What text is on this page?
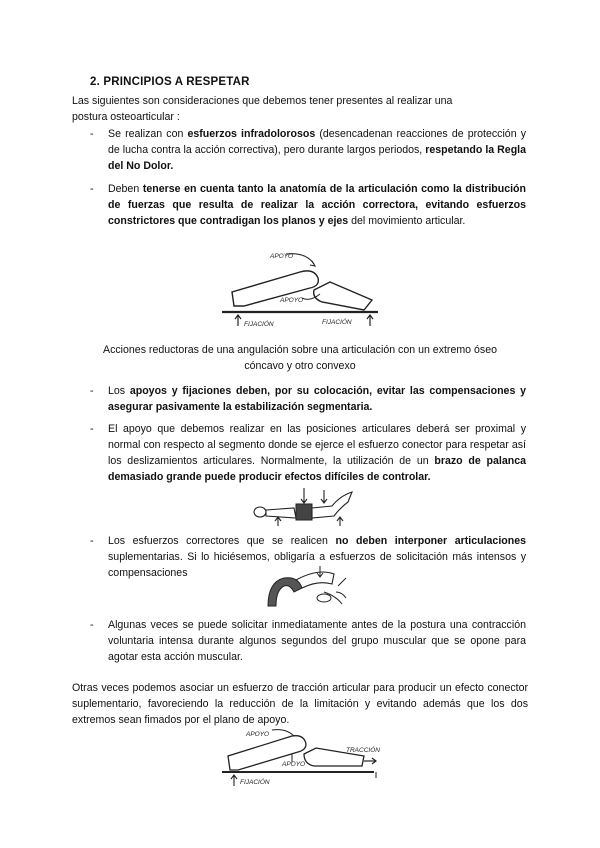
2. PRINCIPIOS A RESPETAR
Las siguientes son consideraciones que debemos tener presentes al realizar una
postura osteoarticular :
- Se realizan con esfuerzos infradolorosos (desencadenan reacciones de protección y de lucha contra la acción correctiva), pero durante largos periodos, respetando la Regla del No Dolor.
- Deben tenerse en cuenta tanto la anatomía de la articulación como la distribución de fuerzas que resulta de realizar la acción correctora, evitando esfuerzos constrictores que contradigan los planos y ejes del movimiento articular.
APOYO
APOYO
FIJACIÓN	FIJACIÓN
Acciones reductoras de una angulación sobre una articulación con un extremo óseo
cóncavo y otro convexo
- Los apoyos y fijaciones deben, por su colocación, evitar las compensaciones y asegurar pasivamente la estabilización segmentaria.
- El apoyo que debemos realizar en las posiciones articulares deberá ser proximal y normal con respecto al segmento donde se ejerce el esfuerzo conector para respetar así los deslizamientos articulares. Normalmente, la utilización de un brazo de palanca demasiado grande puede producir efectos difíciles de controlar.
- Los esfuerzos correctores que se realicen no deben interponer articulaciones suplementarias. Si lo hiciésemos, obligaría a esfuerzos de solicitación más intensos y compensaciones
- Algunas veces se puede solicitar inmediatamente antes de la postura una contracción voluntaria intensa durante algunos segundos del grupo muscular que se opone para agotar esta acción muscular.
Otras veces podemos asociar un esfuerzo de tracción articular para producir un efecto conector suplementario, favoreciendo la reducción de la limitación y evitando además que los dos extremos sean fimados por el plano de apoyo.
APOYO
APOYO
FIJACIÓN
TRACCIÓN
